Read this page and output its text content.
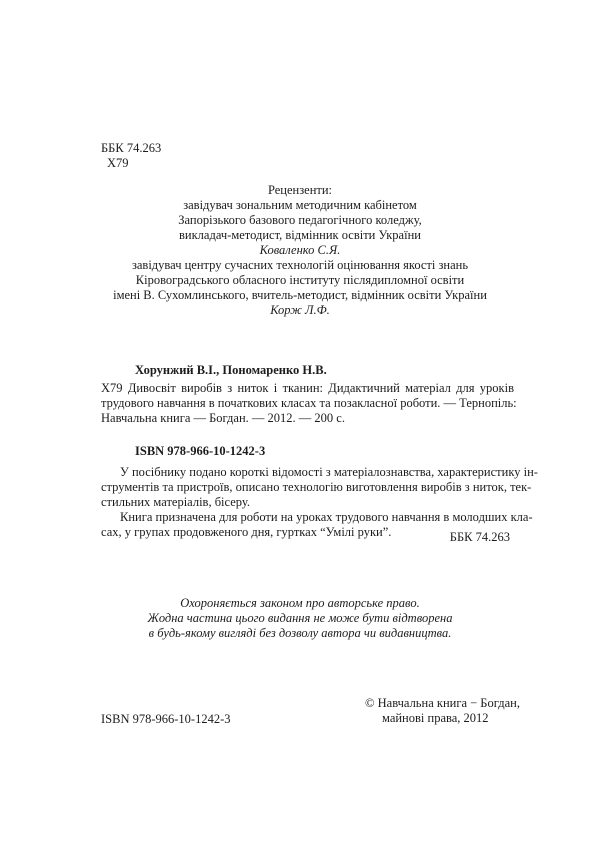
ББК 74.263
Х79
Рецензенти:
завідувач зональним методичним кабінетом
Запорізького базового педагогічного коледжу,
викладач-методист, відмінник освіти України
Коваленко С.Я.
завідувач центру сучасних технологій оцінювання якості знань
Кіровоградського обласного інституту післядипломної освіти
імені В. Сухомлинського, вчитель-методист, відмінник освіти України
Корж Л.Ф.
Хорунжий В.І., Пономаренко Н.В.
Х79 Дивосвіт виробів з ниток і тканин: Дидактичний матеріал для уроків
трудового навчання в початкових класах та позакласної роботи. — Тернопіль:
Навчальна книга — Богдан. — 2012. — 200 с.
ISBN 978-966-10-1242-3
У посібнику подано короткі відомості з матеріалознавства, характеристику ін-
струментів та пристроїв, описано технологію виготовлення виробів з ниток, тек-
стильних матеріалів, бісеру.
Книга призначена для роботи на уроках трудового навчання в молодших кла-
сах, у групах продовженого дня, гуртках “Умілі руки”.	ББК 74.263
Охороняється законом про авторське право.
Жодна частина цього видання не може бути відтворена
в будь-якому вигляді без дозволу автора чи видавництва.
ISBN 978-966-10-1242-3
© Навчальна книга − Богдан,
майнові права, 2012
